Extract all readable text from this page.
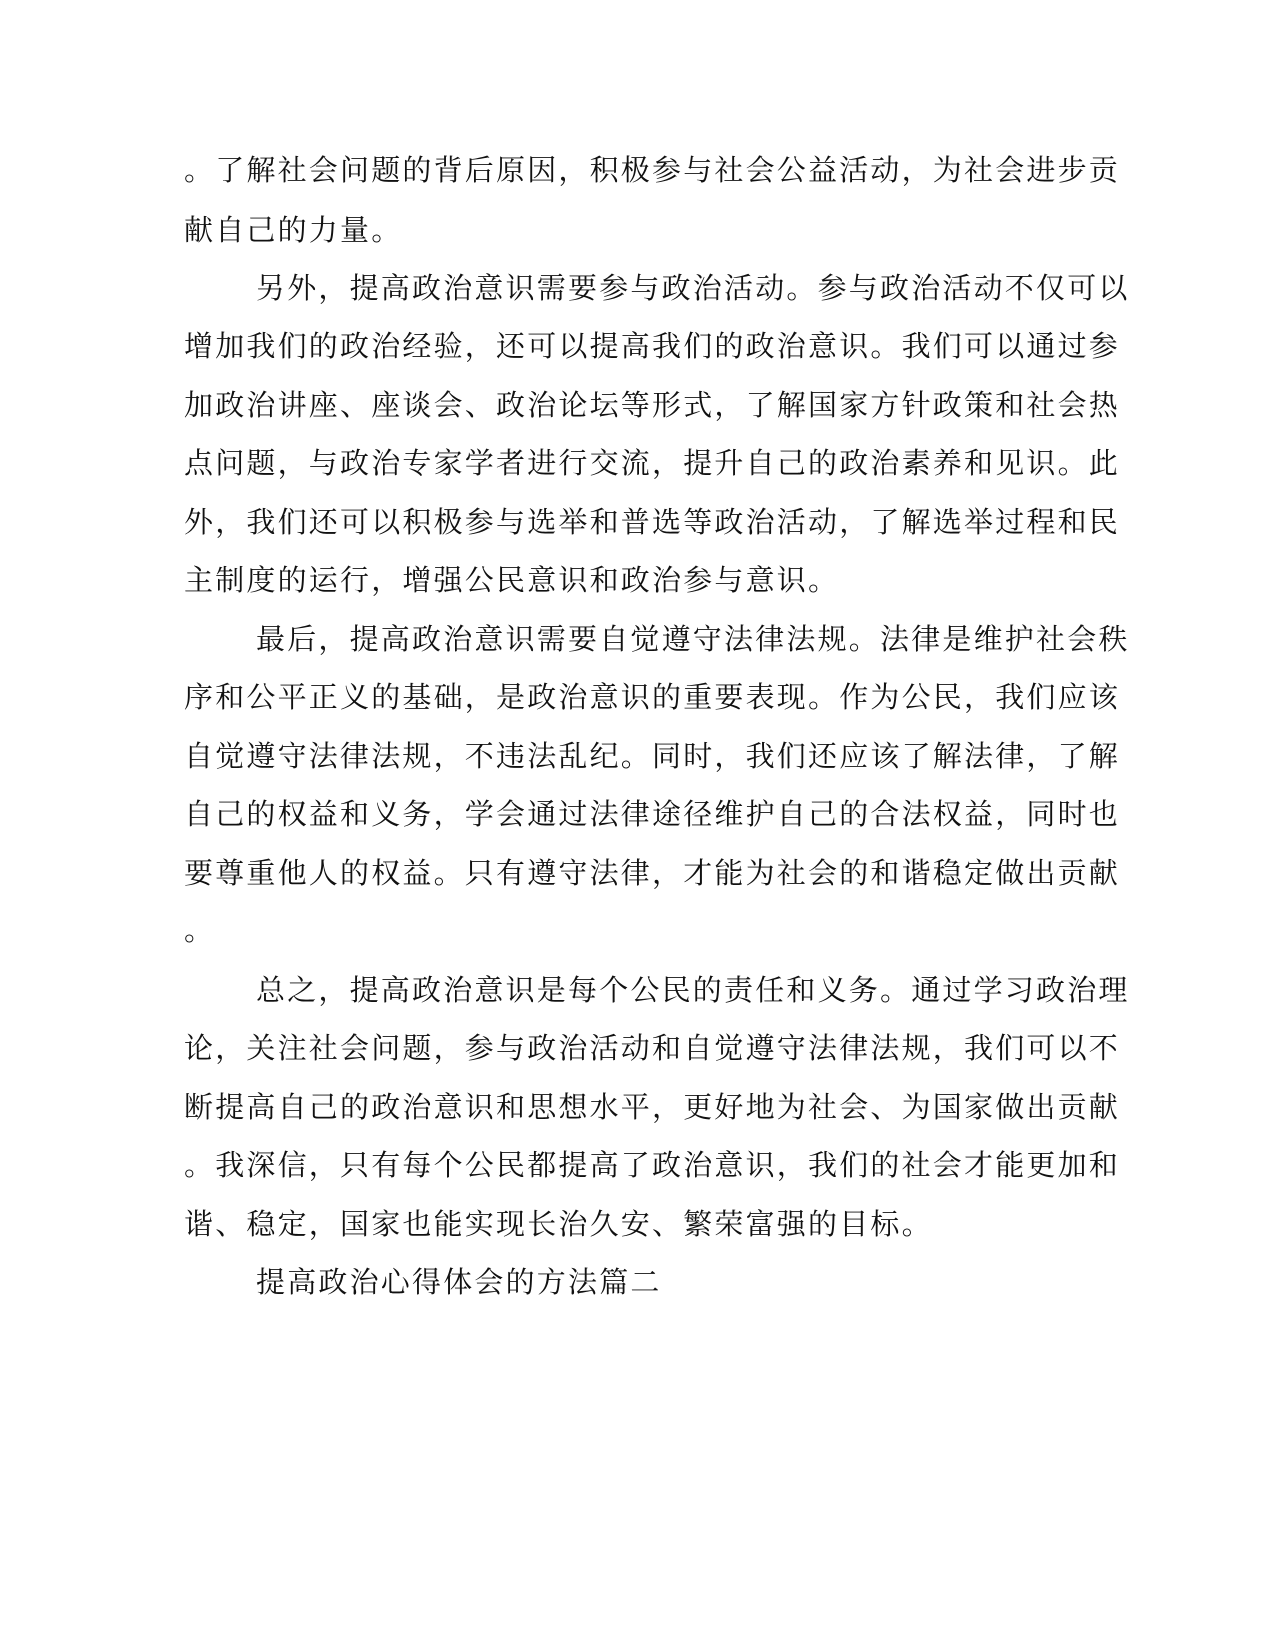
。了解社会问题的背后原因，积极参与社会公益活动，为社会进步贡
献自己的力量。
另外，提高政治意识需要参与政治活动。参与政治活动不仅可以
增加我们的政治经验，还可以提高我们的政治意识。我们可以通过参
加政治讲座、座谈会、政治论坛等形式，了解国家方针政策和社会热
点问题，与政治专家学者进行交流，提升自己的政治素养和见识。此
外，我们还可以积极参与选举和普选等政治活动，了解选举过程和民
主制度的运行，增强公民意识和政治参与意识。
最后，提高政治意识需要自觉遵守法律法规。法律是维护社会秩
序和公平正义的基础，是政治意识的重要表现。作为公民，我们应该
自觉遵守法律法规，不违法乱纪。同时，我们还应该了解法律，了解
自己的权益和义务，学会通过法律途径维护自己的合法权益，同时也
要尊重他人的权益。只有遵守法律，才能为社会的和谐稳定做出贡献
。
总之，提高政治意识是每个公民的责任和义务。通过学习政治理
论，关注社会问题，参与政治活动和自觉遵守法律法规，我们可以不
断提高自己的政治意识和思想水平，更好地为社会、为国家做出贡献
。我深信，只有每个公民都提高了政治意识，我们的社会才能更加和
谐、稳定，国家也能实现长治久安、繁荣富强的目标。
提高政治心得体会的方法篇二
